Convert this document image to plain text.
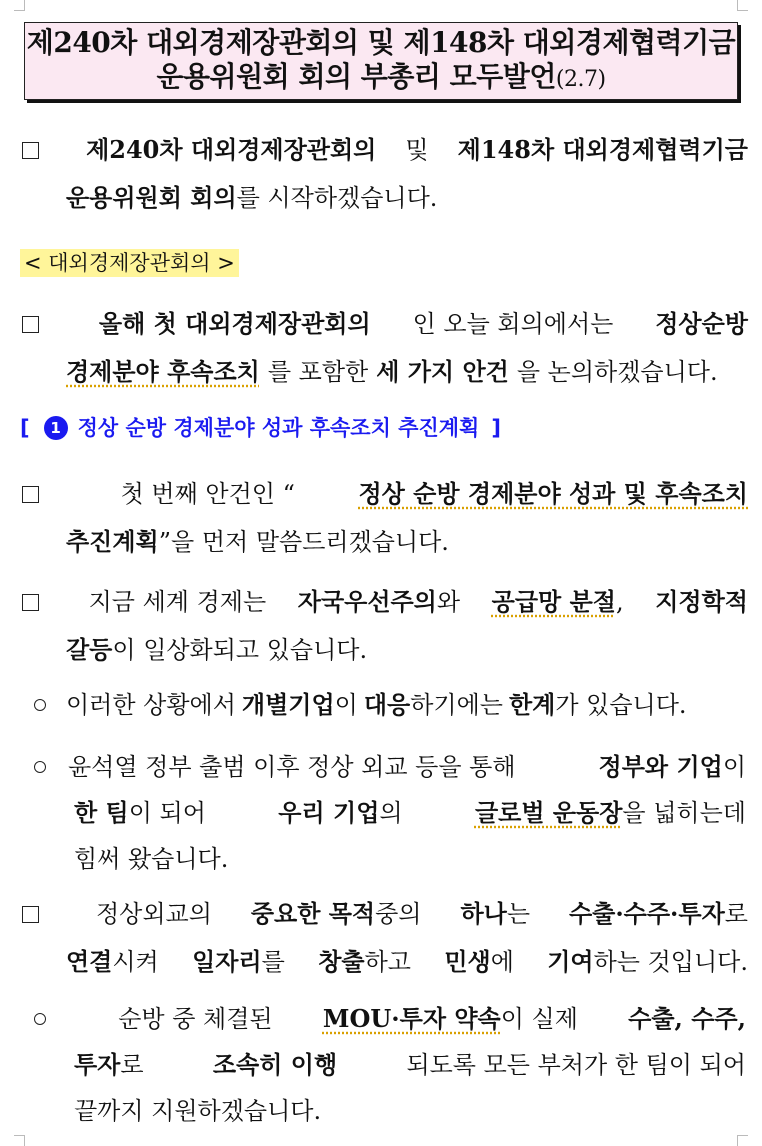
제240차 대외경제장관회의 및 제148차 대외경제협력기금
운용위원회 회의 부총리 모두발언(2.7)
제240차 대외경제장관회의 및 제148차 대외경제협력기금
운용위원회 회의 를 시작하겠습니다.
< 대외경제장관회의 >
올해 첫 대외경제장관회의 인 오늘 회의에서는 정상순방
경제분야 후속조치 를 포함한 세 가지 안건 을 논의하겠습니다.
[	1 정상 순방 경제분야 성과 후속조치 추진계획 ]
첫 번째 안건인 “	정상 순방 경제분야 성과 및 후속조치
추진계획 ”을 먼저 말씀드리겠습니다.
지금 세계 경제는 자국우선주의와 공급망 분절, 지정학적
갈등 이 일상화되고 있습니다.
이러한 상황에서 개별기업이 대응하기에는 한계가 있습니다.
윤석열 정부 출범 이후 정상 외교 등을 통해	정부와 기업이
한 팀이 되어	우리 기업의	글로벌 운동장을 넓히는데
힘써 왔습니다.
정상외교의 중요한 목적중의 하나는 수출·수주·투자로
연결시켜 일자리를 창출하고 민생에 기여하는 것입니다.
순방 중 체결된 MOU·투자 약속이 실제 수출, 수주,
투자로	조속히 이행	되도록 모든 부처가 한 팀이 되어
끝까지 지원하겠습니다.
